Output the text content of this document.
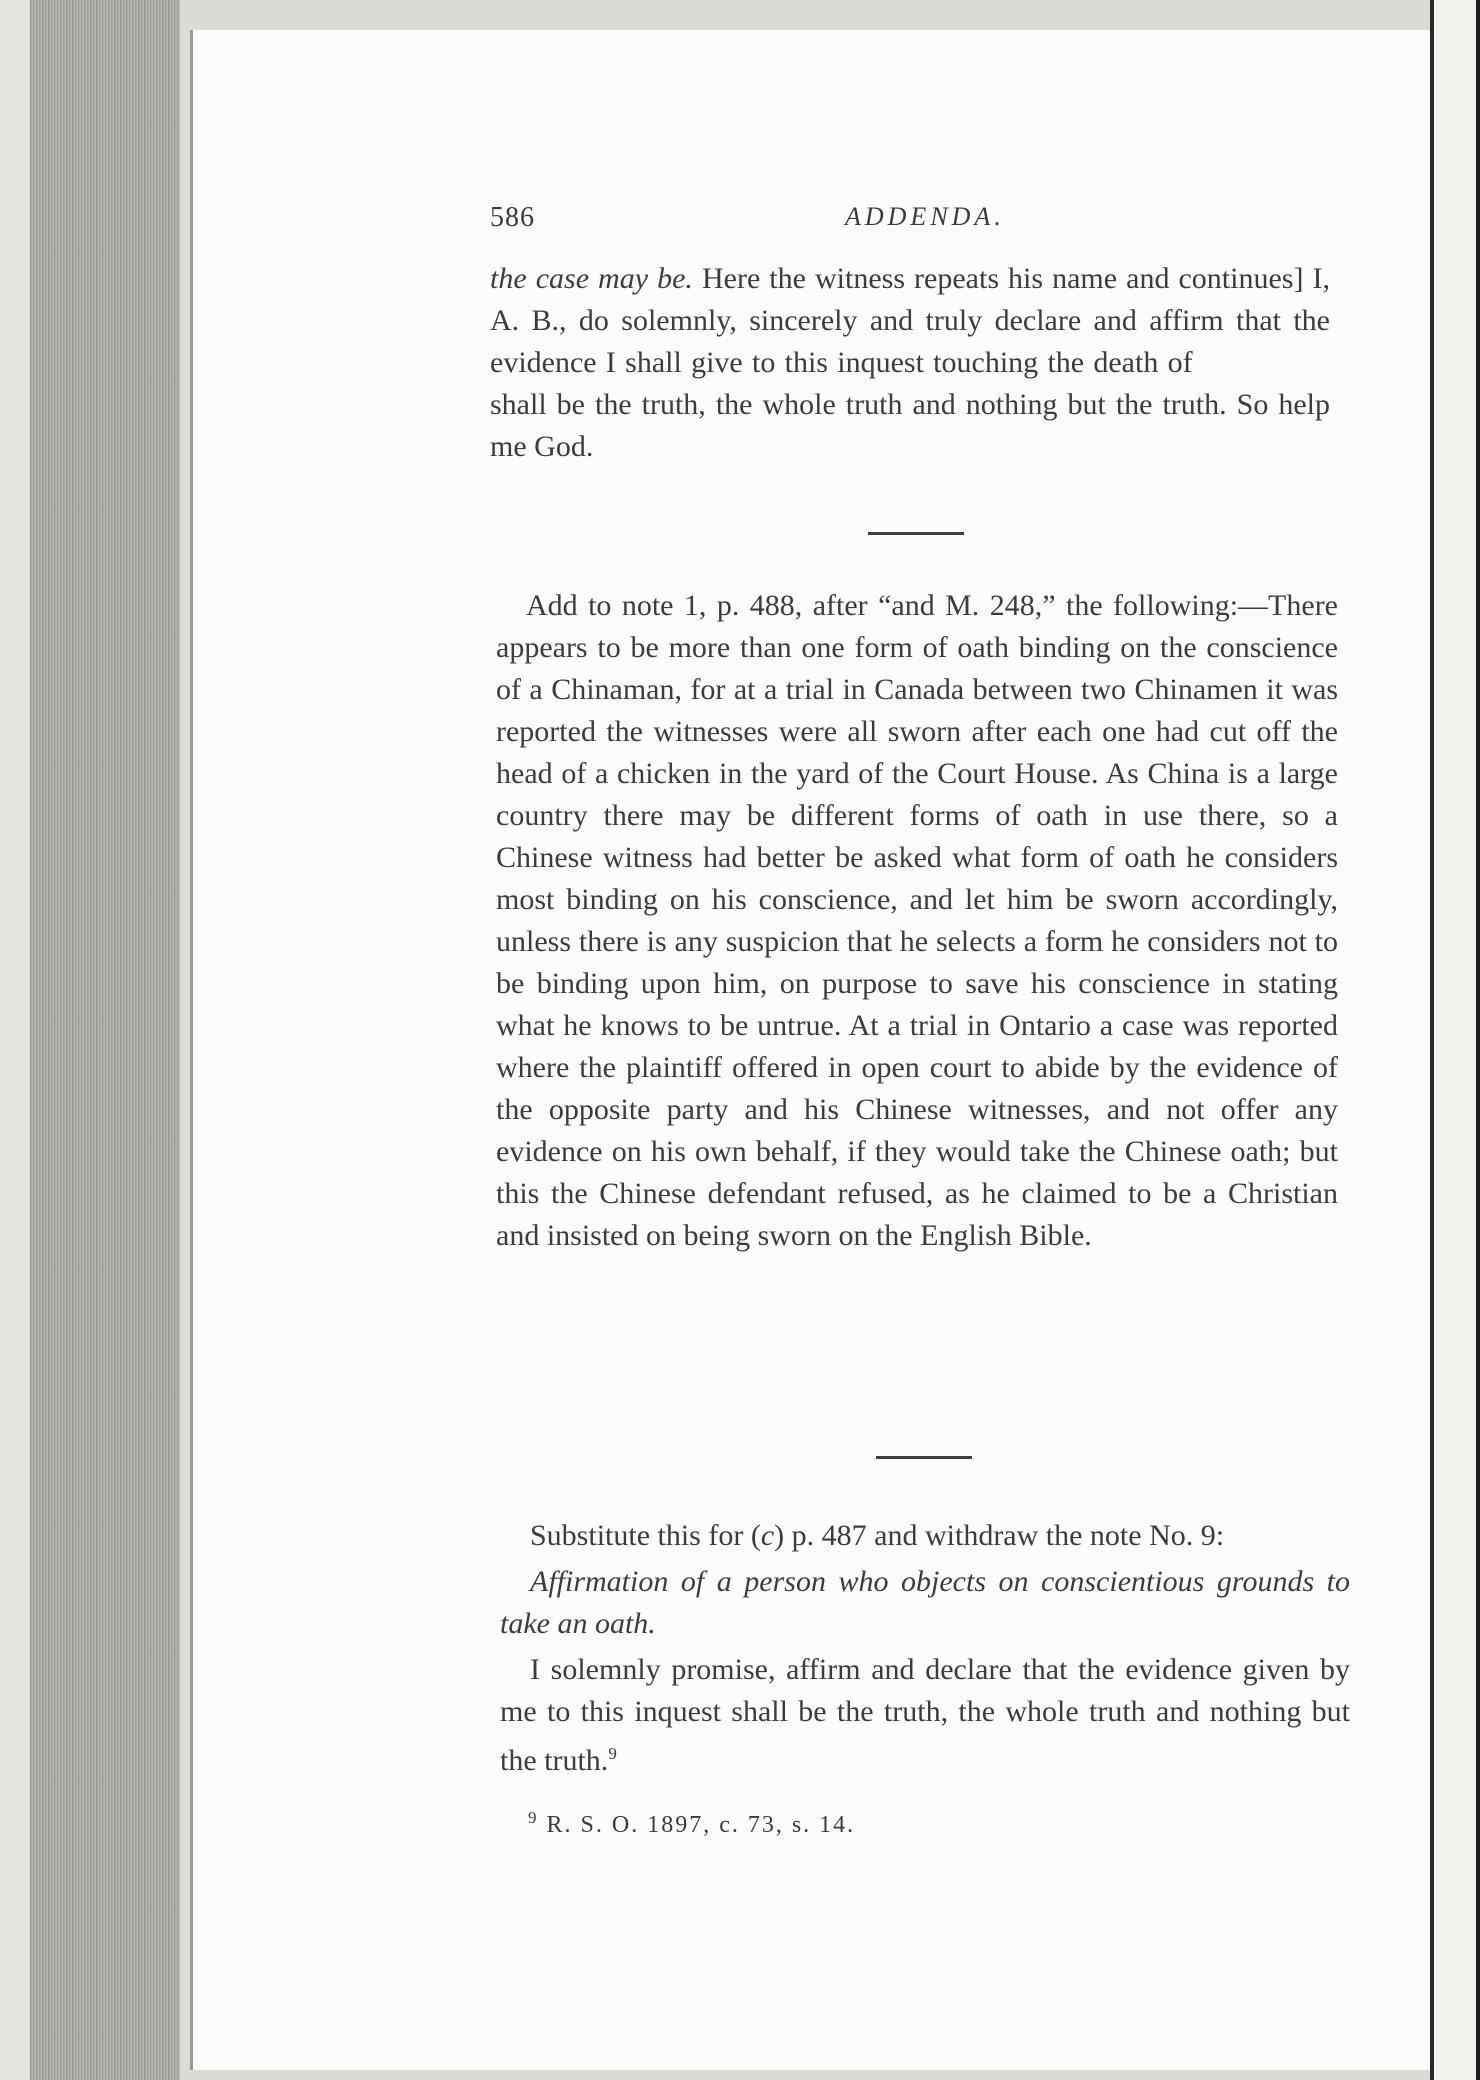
586	ADDENDA.

the case may be. Here the witness repeats his name and continues] I, A. B., do solemnly, sincerely and truly declare and affirm that the evidence I shall give to this inquest touching the death of                shall be the truth, the whole truth and nothing but the truth. So help me God.

Add to note 1, p. 488, after “and M. 248,” the following:—There appears to be more than one form of oath binding on the conscience of a Chinaman, for at a trial in Canada between two Chinamen it was reported the witnesses were all sworn after each one had cut off the head of a chicken in the yard of the Court House. As China is a large country there may be different forms of oath in use there, so a Chinese witness had better be asked what form of oath he considers most binding on his conscience, and let him be sworn accordingly, unless there is any suspicion that he selects a form he considers not to be binding upon him, on purpose to save his conscience in stating what he knows to be untrue. At a trial in Ontario a case was reported where the plaintiff offered in open court to abide by the evidence of the opposite party and his Chinese witnesses, and not offer any evidence on his own behalf, if they would take the Chinese oath; but this the Chinese defendant refused, as he claimed to be a Christian and insisted on being sworn on the English Bible.

Substitute this for (c) p. 487 and withdraw the note No. 9:

Affirmation of a person who objects on conscientious grounds to take an oath.

I solemnly promise, affirm and declare that the evidence given by me to this inquest shall be the truth, the whole truth and nothing but the truth.$^9$

$^9$ R. S. O. 1897, c. 73, s. 14.
